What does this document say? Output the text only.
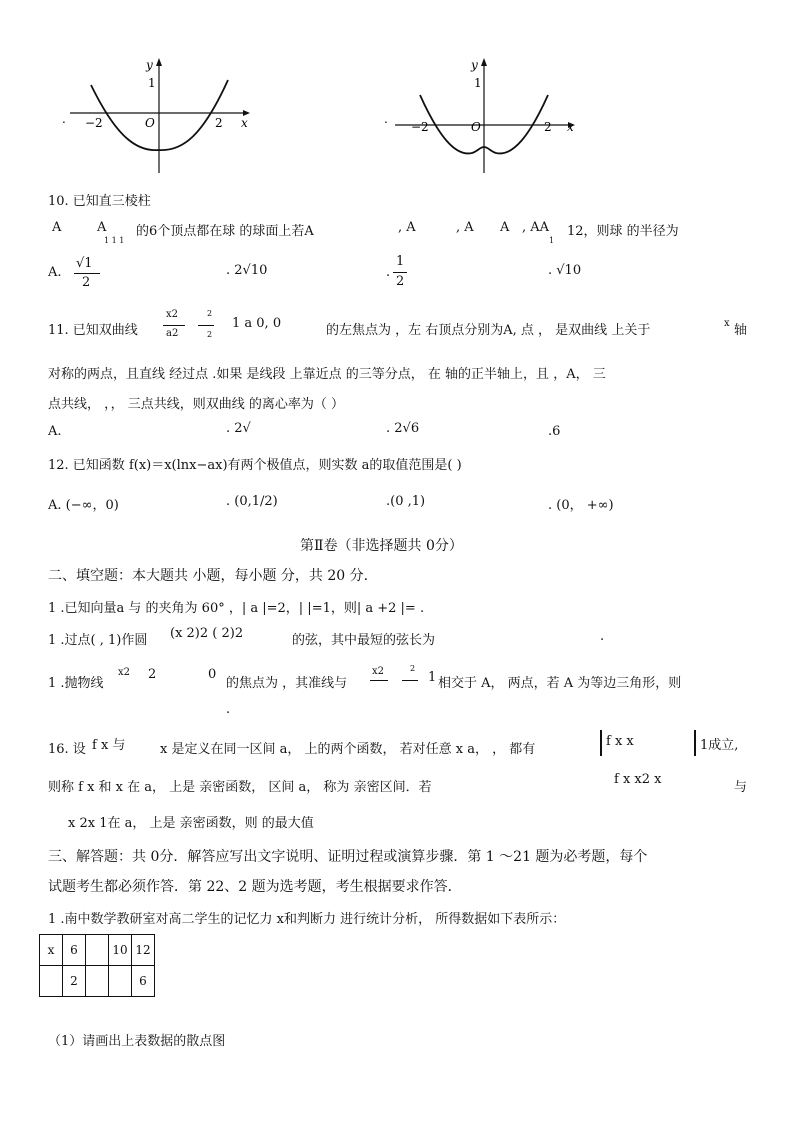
y
1
−2	O	2 x
.
y
1
−2	O	2 x
.
10. 已知直三棱柱
A	A
1 1 1
的6个顶点都在球 的球面上若A	, A	, A A , AA
1
12，则球 的半径为
A.
√1
2
. 2√10	.
1
2
. √10
11. 已知双曲线
x2
a2
2
2
1 a 0, 0	的左焦点为 ，左 右顶点分别为A, 点 ， 是双曲线 上关于	x 轴
对称的两点，且直线 经过点 .如果 是线段 上靠近点 的三等分点， 在 轴的正半轴上，且 ，A， 三
点共线， ，， 三点共线，则双曲线 的离心率为（ ）
A.	. 2√	. 2√6	.6
12. 已知函数 f(x)＝x(lnx−ax)有两个极值点，则实数 a的取值范围是( )
A. (−∞，0)	. (0,1/2)	.(0 ,1)	. (0， +∞)
第Ⅱ卷（非选择题共 0分）
二、填空题：本大题共 小题，每小题 分，共 20 分.
1 .已知向量a 与 的夹角为 60° ，| a |=2，| |=1，则| a +2 |= .
1 .过点( , 1)作圆 (x 2)2 ( 2)2	的弦，其中最短的弦长为	.
1 .抛物线
x2 2	0
的焦点为 ，其准线与
x2	2
1 相交于 A， 两点，若 A 为等边三角形，则
.
16. 设 f x 与	x 是定义在同一区间 a， 上的两个函数， 若对任意 x a， ， 都有
f x x	1成立,
则称 f x 和 x 在 a， 上是 亲密函数， 区间 a， 称为 亲密区间．若
f x x2 x
与
x 2x 1在 a， 上是 亲密函数，则 的最大值
三、解答题：共 0分．解答应写出文字说明、证明过程或演算步骤．第 1 ～21 题为必考题，每个
试题考生都必须作答．第 22、2 题为选考题，考生根据要求作答．
1 .南中数学教研室对高二学生的记忆力 x和判断力 进行统计分析， 所得数据如下表所示：
x	6		10	12
	2			6
（1）请画出上表数据的散点图
